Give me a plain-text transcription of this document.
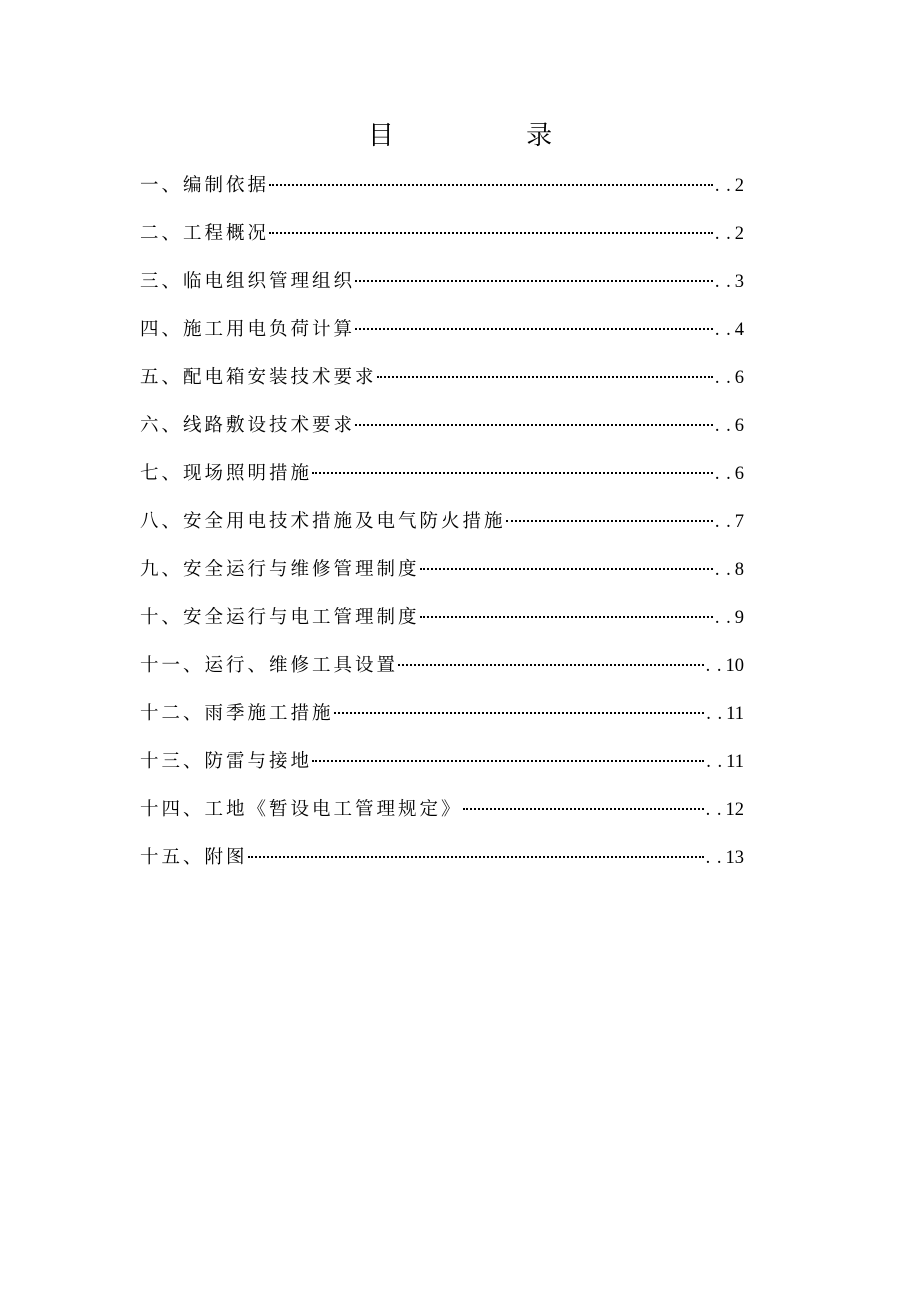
目 录
一、编制依据	. . 2
二、工程概况	. . 2
三、临电组织管理组织	. . 3
四、施工用电负荷计算	. . 4
五、配电箱安装技术要求	. . 6
六、线路敷设技术要求	. . 6
七、现场照明措施	. . 6
八、安全用电技术措施及电气防火措施	. . 7
九、安全运行与维修管理制度	. . 8
十、安全运行与电工管理制度	. . 9
十一、运行、维修工具设置	. . 10
十二、雨季施工措施	. . 11
十三、防雷与接地	. . 11
十四、工地《暂设电工管理规定》	. . 12
十五、附图	. . 13
